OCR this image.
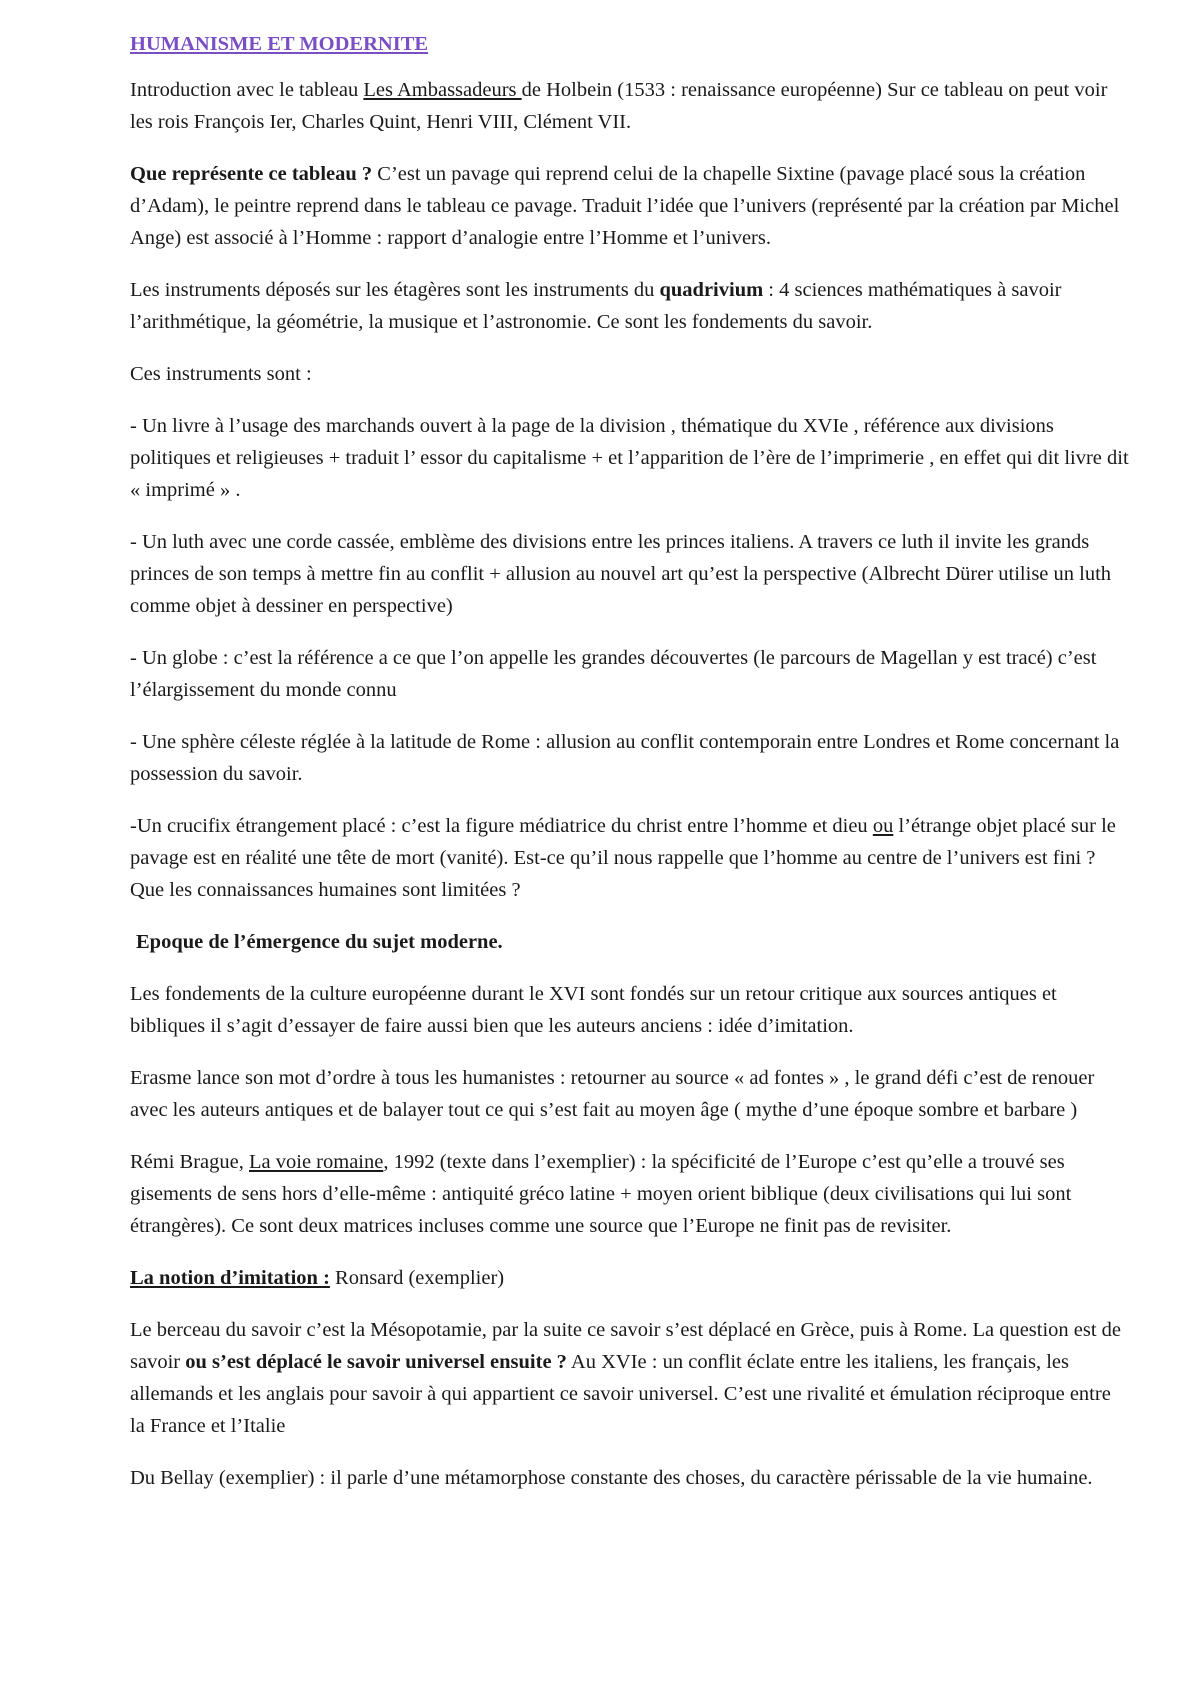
HUMANISME ET MODERNITE

Introduction avec le tableau Les Ambassadeurs de Holbein (1533 : renaissance européenne) Sur ce tableau on peut voir les rois François Ier, Charles Quint, Henri VIII, Clément VII.

Que représente ce tableau ? C’est un pavage qui reprend celui de la chapelle Sixtine (pavage placé sous la création d’Adam), le peintre reprend dans le tableau ce pavage. Traduit l’idée que l’univers (représenté par la création par Michel Ange) est associé à l’Homme : rapport d’analogie entre l’Homme et l’univers.

Les instruments déposés sur les étagères sont les instruments du quadrivium : 4 sciences mathématiques à savoir l’arithmétique, la géométrie, la musique et l’astronomie. Ce sont les fondements du savoir.

Ces instruments sont :

- Un livre à l’usage des marchands ouvert à la page de la division , thématique du XVIe , référence aux divisions politiques et religieuses + traduit l’ essor du capitalisme + et l’apparition de l’ère de l’imprimerie , en effet qui dit livre dit « imprimé » .

- Un luth avec une corde cassée, emblème des divisions entre les princes italiens. A travers ce luth il invite les grands princes de son temps à mettre fin au conflit + allusion au nouvel art qu’est la perspective (Albrecht Dürer utilise un luth comme objet à dessiner en perspective)

- Un globe : c’est la référence a ce que l’on appelle les grandes découvertes (le parcours de Magellan y est tracé) c’est l’élargissement du monde connu

- Une sphère céleste réglée à la latitude de Rome : allusion au conflit contemporain entre Londres et Rome concernant la possession du savoir.

-Un crucifix étrangement placé : c’est la figure médiatrice du christ entre l’homme et dieu ou l’étrange objet placé sur le pavage est en réalité une tête de mort (vanité). Est-ce qu’il nous rappelle que l’homme au centre de l’univers est fini ? Que les connaissances humaines sont limitées ?

Epoque de l’émergence du sujet moderne.

Les fondements de la culture européenne durant le XVI sont fondés sur un retour critique aux sources antiques et bibliques il s’agit d’essayer de faire aussi bien que les auteurs anciens : idée d’imitation.

Erasme lance son mot d’ordre à tous les humanistes : retourner au source « ad fontes » , le grand défi c’est de renouer avec les auteurs antiques et de balayer tout ce qui s’est fait au moyen âge ( mythe d’une époque sombre et barbare )

Rémi Brague, La voie romaine, 1992 (texte dans l’exemplier) : la spécificité de l’Europe c’est qu’elle a trouvé ses gisements de sens hors d’elle-même : antiquité gréco latine + moyen orient biblique (deux civilisations qui lui sont étrangères). Ce sont deux matrices incluses comme une source que l’Europe ne finit pas de revisiter.

La notion d’imitation : Ronsard (exemplier)

Le berceau du savoir c’est la Mésopotamie, par la suite ce savoir s’est déplacé en Grèce, puis à Rome. La question est de savoir ou s’est déplacé le savoir universel ensuite ? Au XVIe : un conflit éclate entre les italiens, les français, les allemands et les anglais pour savoir à qui appartient ce savoir universel. C’est une rivalité et émulation réciproque entre la France et l’Italie

Du Bellay (exemplier) : il parle d’une métamorphose constante des choses, du caractère périssable de la vie humaine.
